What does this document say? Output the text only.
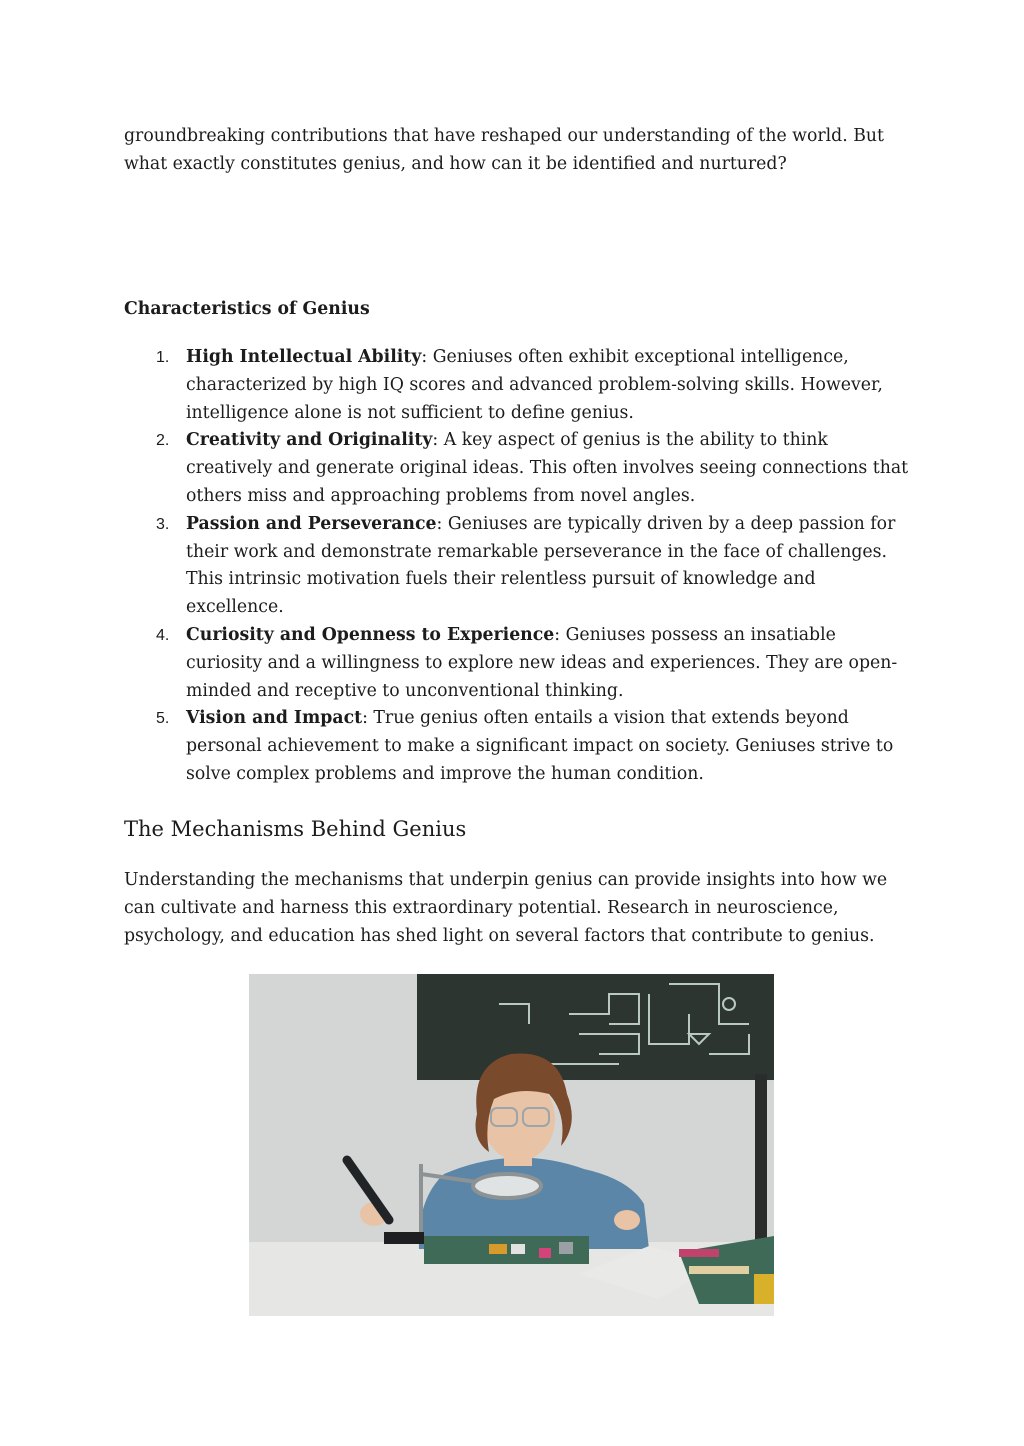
groundbreaking contributions that have reshaped our understanding of the world. But what exactly constitutes genius, and how can it be identified and nurtured?

Characteristics of Genius
1. High Intellectual Ability: Geniuses often exhibit exceptional intelligence, characterized by high IQ scores and advanced problem-solving skills. However, intelligence alone is not sufficient to define genius.
2. Creativity and Originality: A key aspect of genius is the ability to think creatively and generate original ideas. This often involves seeing connections that others miss and approaching problems from novel angles.
3. Passion and Perseverance: Geniuses are typically driven by a deep passion for their work and demonstrate remarkable perseverance in the face of challenges. This intrinsic motivation fuels their relentless pursuit of knowledge and excellence.
4. Curiosity and Openness to Experience: Geniuses possess an insatiable curiosity and a willingness to explore new ideas and experiences. They are open-minded and receptive to unconventional thinking.
5. Vision and Impact: True genius often entails a vision that extends beyond personal achievement to make a significant impact on society. Geniuses strive to solve complex problems and improve the human condition.
The Mechanisms Behind Genius

Understanding the mechanisms that underpin genius can provide insights into how we can cultivate and harness this extraordinary potential. Research in neuroscience, psychology, and education has shed light on several factors that contribute to genius.
